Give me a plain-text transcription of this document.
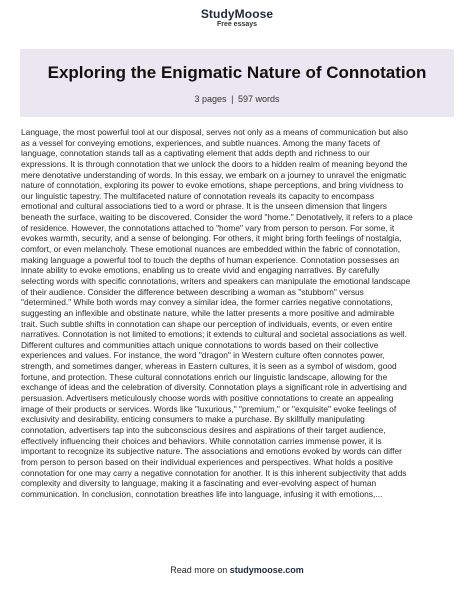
StudyMoose
Free essays
Exploring the Enigmatic Nature of Connotation
3 pages | 597 words
Language, the most powerful tool at our disposal, serves not only as a means of communication but also
as a vessel for conveying emotions, experiences, and subtle nuances. Among the many facets of
language, connotation stands tall as a captivating element that adds depth and richness to our
expressions. It is through connotation that we unlock the doors to a hidden realm of meaning beyond the
mere denotative understanding of words. In this essay, we embark on a journey to unravel the enigmatic
nature of connotation, exploring its power to evoke emotions, shape perceptions, and bring vividness to
our linguistic tapestry. The multifaceted nature of connotation reveals its capacity to encompass
emotional and cultural associations tied to a word or phrase. It is the unseen dimension that lingers
beneath the surface, waiting to be discovered. Consider the word "home." Denotatively, it refers to a place
of residence. However, the connotations attached to "home" vary from person to person. For some, it
evokes warmth, security, and a sense of belonging. For others, it might bring forth feelings of nostalgia,
comfort, or even melancholy. These emotional nuances are embedded within the fabric of connotation,
making language a powerful tool to touch the depths of human experience. Connotation possesses an
innate ability to evoke emotions, enabling us to create vivid and engaging narratives. By carefully
selecting words with specific connotations, writers and speakers can manipulate the emotional landscape
of their audience. Consider the difference between describing a woman as "stubborn" versus
"determined." While both words may convey a similar idea, the former carries negative connotations,
suggesting an inflexible and obstinate nature, while the latter presents a more positive and admirable
trait. Such subtle shifts in connotation can shape our perception of individuals, events, or even entire
narratives. Connotation is not limited to emotions; it extends to cultural and societal associations as well.
Different cultures and communities attach unique connotations to words based on their collective
experiences and values. For instance, the word "dragon" in Western culture often connotes power,
strength, and sometimes danger, whereas in Eastern cultures, it is seen as a symbol of wisdom, good
fortune, and protection. These cultural connotations enrich our linguistic landscape, allowing for the
exchange of ideas and the celebration of diversity. Connotation plays a significant role in advertising and
persuasion. Advertisers meticulously choose words with positive connotations to create an appealing
image of their products or services. Words like "luxurious," "premium," or "exquisite" evoke feelings of
exclusivity and desirability, enticing consumers to make a purchase. By skillfully manipulating
connotation, advertisers tap into the subconscious desires and aspirations of their target audience,
effectively influencing their choices and behaviors. While connotation carries immense power, it is
important to recognize its subjective nature. The associations and emotions evoked by words can differ
from person to person based on their individual experiences and perspectives. What holds a positive
connotation for one may carry a negative connotation for another. It is this inherent subjectivity that adds
complexity and diversity to language, making it a fascinating and ever-evolving aspect of human
communication. In conclusion, connotation breathes life into language, infusing it with emotions,...
Read more on studymoose.com
